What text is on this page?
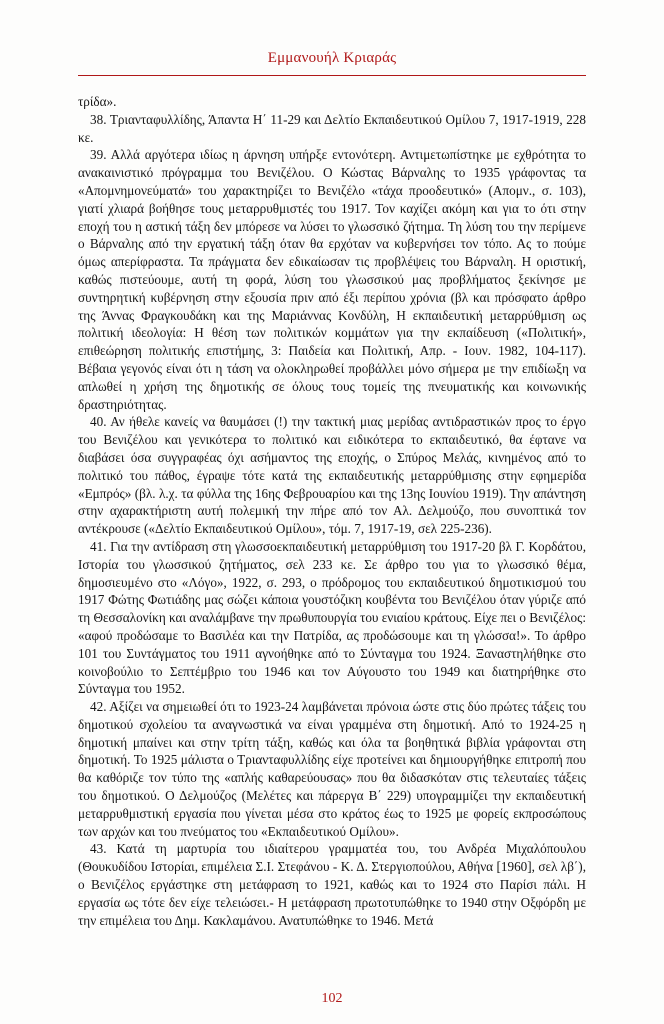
Εμμανουήλ Κριαράς

τρίδα».

38. Τριανταφυλλίδης, Άπαντα Η΄ 11-29 και Δελτίο Εκπαιδευτικού Ομίλου 7, 1917-1919, 228 κε.

39. Αλλά αργότερα ιδίως η άρνηση υπήρξε εντονότερη. Αντιμετωπίστηκε με εχθρότητα το ανακαινιστικό πρόγραμμα του Βενιζέλου. Ο Κώστας Βάρναλης το 1935 γράφοντας τα «Απομνημονεύματά» του χαρακτηρίζει το Βενιζέλο «τάχα προοδευτικό» (Απομν., σ. 103), γιατί χλιαρά βοήθησε τους μεταρρυθμιστές του 1917. Τον καχίζει ακόμη και για το ότι στην εποχή του η αστική τάξη δεν μπόρεσε να λύσει το γλωσσικό ζήτημα. Τη λύση του την περίμενε ο Βάρναλης από την εργατική τάξη όταν θα ερχόταν να κυβερνήσει τον τόπο. Ας το πούμε όμως απερίφραστα. Τα πράγματα δεν εδικαίωσαν τις προβλέψεις του Βάρναλη. Η οριστική, καθώς πιστεύουμε, αυτή τη φορά, λύση του γλωσσικού μας προβλήματος ξεκίνησε με συντηρητική κυβέρνηση στην εξουσία πριν από έξι περίπου χρόνια (βλ και πρόσφατο άρθρο της Άννας Φραγκουδάκη και της Μαριάννας Κονδύλη, Η εκπαιδευτική μεταρρύθμιση ως πολιτική ιδεολογία: Η θέση των πολιτικών κομμάτων για την εκπαίδευση («Πολιτική», επιθεώρηση πολιτικής επιστήμης, 3: Παιδεία και Πολιτική, Απρ. - Ιουν. 1982, 104-117). Βέβαια γεγονός είναι ότι η τάση να ολοκληρωθεί προβάλλει μόνο σήμερα με την επιδίωξη να απλωθεί η χρήση της δημοτικής σε όλους τους τομείς της πνευματικής και κοινωνικής δραστηριότητας.

40. Αν ήθελε κανείς να θαυμάσει (!) την τακτική μιας μερίδας αντιδραστικών προς το έργο του Βενιζέλου και γενικότερα το πολιτικό και ειδικότερα το εκπαιδευτικό, θα έφτανε να διαβάσει όσα συγγραφέας όχι ασήμαντος της εποχής, ο Σπύρος Μελάς, κινημένος από το πολιτικό του πάθος, έγραψε τότε κατά της εκπαιδευτικής μεταρρύθμισης στην εφημερίδα «Εμπρός» (βλ. λ.χ. τα φύλλα της 16ης Φεβρουαρίου και της 13ης Ιουνίου 1919). Την απάντηση στην αχαρακτήριστη αυτή πολεμική την πήρε από τον Αλ. Δελμούζο, που συνοπτικά τον αντέκρουσε («Δελτίο Εκπαιδευτικού Ομίλου», τόμ. 7, 1917-19, σελ 225-236).

41. Για την αντίδραση στη γλωσσοεκπαιδευτική μεταρρύθμιση του 1917-20 βλ Γ. Κορδάτου, Ιστορία του γλωσσικού ζητήματος, σελ 233 κε. Σε άρθρο του για το γλωσσικό θέμα, δημοσιευμένο στο «Λόγο», 1922, σ. 293, ο πρόδρομος του εκπαιδευτικού δημοτικισμού του 1917 Φώτης Φωτιάδης μας σώζει κάποια γουστόζικη κουβέντα του Βενιζέλου όταν γύριζε από τη Θεσσαλονίκη και αναλάμβανε την πρωθυπουργία του ενιαίου κράτους. Είχε πει ο Βενιζέλος: «αφού προδώσαμε το Βασιλέα και την Πατρίδα, ας προδώσουμε και τη γλώσσα!». Το άρθρο 101 του Συντάγματος του 1911 αγνοήθηκε από το Σύνταγμα του 1924. Ξαναστηλήθηκε στο κοινοβούλιο το Σεπτέμβριο του 1946 και τον Αύγουστο του 1949 και διατηρήθηκε στο Σύνταγμα του 1952.

42. Αξίζει να σημειωθεί ότι το 1923-24 λαμβάνεται πρόνοια ώστε στις δύο πρώτες τάξεις του δημοτικού σχολείου τα αναγνωστικά να είναι γραμμένα στη δημοτική. Από το 1924-25 η δημοτική μπαίνει και στην τρίτη τάξη, καθώς και όλα τα βοηθητικά βιβλία γράφονται στη δημοτική. Το 1925 μάλιστα ο Τριανταφυλλίδης είχε προτείνει και δημιουργήθηκε επιτροπή που θα καθόριζε τον τύπο της «απλής καθαρεύουσας» που θα διδασκόταν στις τελευταίες τάξεις του δημοτικού. Ο Δελμούζος (Μελέτες και πάρεργα Β΄ 229) υπογραμμίζει την εκπαιδευτική μεταρρυθμιστική εργασία που γίνεται μέσα στο κράτος έως το 1925 με φορείς εκπροσώπους των αρχών και του πνεύματος του «Εκπαιδευτικού Ομίλου».

43. Κατά τη μαρτυρία του ιδιαίτερου γραμματέα του, του Ανδρέα Μιχαλόπουλου (Θουκυδίδου Ιστορίαι, επιμέλεια Σ.Ι. Στεφάνου - Κ. Δ. Στεργιοπούλου, Αθήνα [1960], σελ λβ΄), ο Βενιζέλος εργάστηκε στη μετάφραση το 1921, καθώς και το 1924 στο Παρίσι πάλι. Η εργασία ως τότε δεν είχε τελειώσει.- Η μετάφραση πρωτοτυπώθηκε το 1940 στην Οξφόρδη με την επιμέλεια του Δημ. Κακλαμάνου. Ανατυπώθηκε το 1946. Μετά

102
